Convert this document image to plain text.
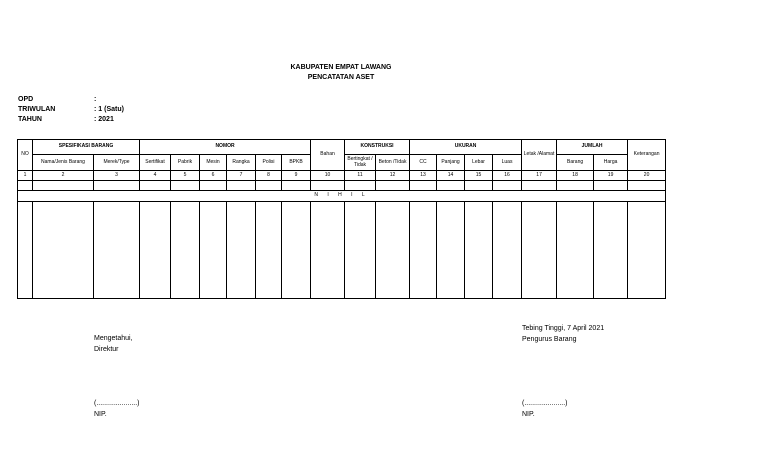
KABUPATEN EMPAT LAWANG
PENCATATAN ASET
OPD	:
TRIWULAN	: 1 (Satu)
TAHUN	: 2021
NO	SPESIFIKASI BARANG		NOMOR						Bahan	KONSTRUKSI		UKURAN				Letak /Alamat	JUMLAH		Keterangan
	Nama/Jenis Barang	Merek/Type	Sertifikat	Pabrik	Mesin	Rangka	Polisi	BPKB		Bertingkat / Tidak	Beton /Tidak	CC	Panjang	Lebar	Luas		Barang	Harga	
1	2	3	4	5	6	7	8	9	10	11	12	13	14	15	16	17	18	19	20

N I H I L																			

Mengetahui,
Direktur
(.....................)
NIP.
Tebing Tinggi, 7 April 2021
Pengurus Barang
(.....................)
NIP.
